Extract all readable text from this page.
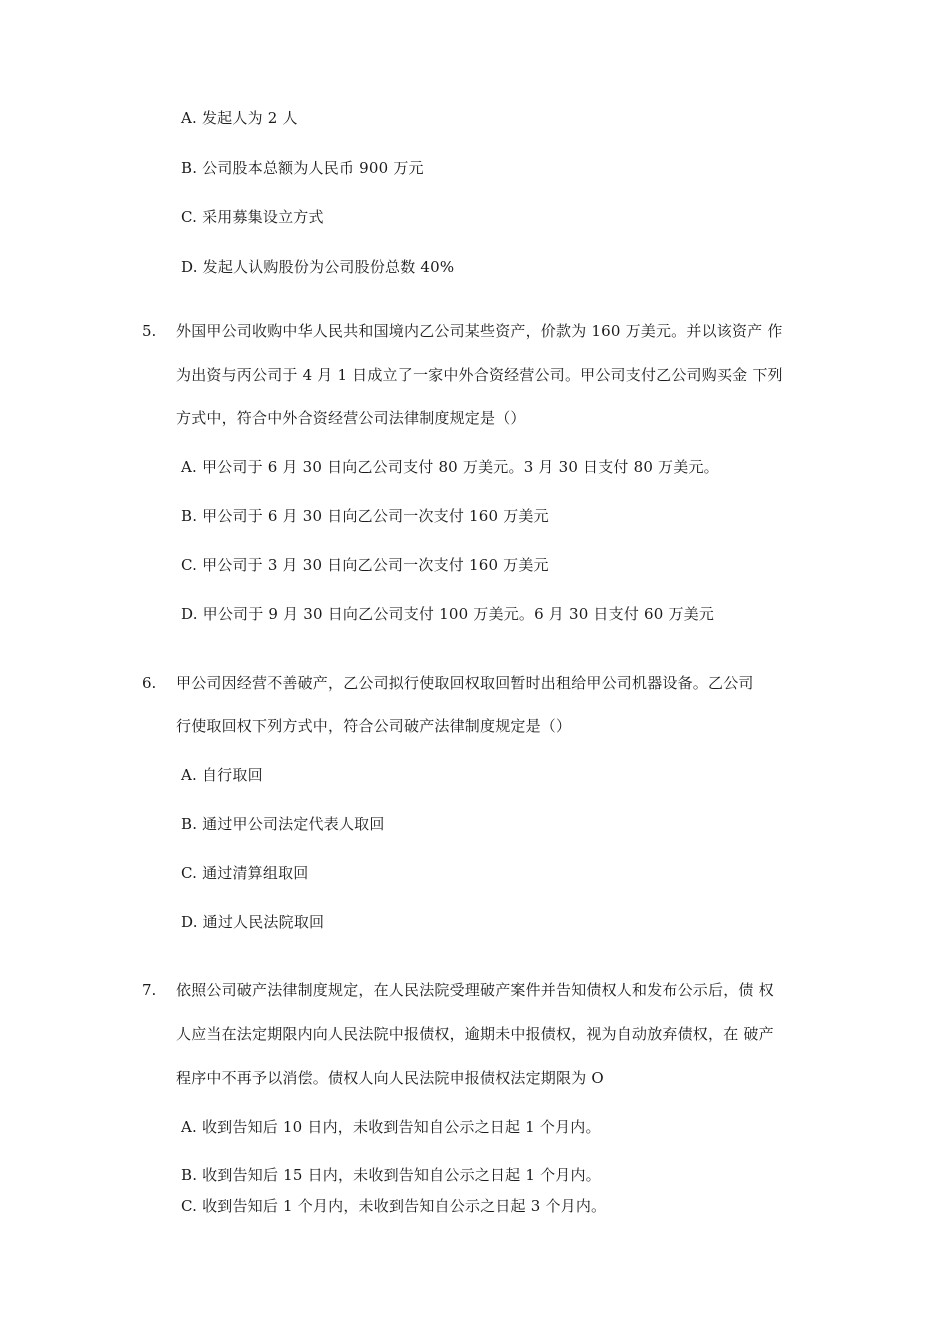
A. 发起人为 2 人
B. 公司股本总额为人民币 900 万元
C. 采用募集设立方式
D. 发起人认购股份为公司股份总数 40%
5. 外国甲公司收购中华人民共和国境内乙公司某些资产，价款为 160 万美元。并以该资产 作
为出资与丙公司于 4 月 1 日成立了一家中外合资经营公司。甲公司支付乙公司购买金 下列
方式中，符合中外合资经营公司法律制度规定是（）
A. 甲公司于 6 月 30 日向乙公司支付 80 万美元。3 月 30 日支付 80 万美元。
B. 甲公司于 6 月 30 日向乙公司一次支付 160 万美元
C. 甲公司于 3 月 30 日向乙公司一次支付 160 万美元
D. 甲公司于 9 月 30 日向乙公司支付 100 万美元。6 月 30 日支付 60 万美元
6. 甲公司因经营不善破产，乙公司拟行使取回权取回暂时出租给甲公司机器设备。乙公司
行使取回权下列方式中，符合公司破产法律制度规定是（）
A. 自行取回
B. 通过甲公司法定代表人取回
C. 通过清算组取回
D. 通过人民法院取回
7. 依照公司破产法律制度规定，在人民法院受理破产案件并告知债权人和发布公示后，债 权
人应当在法定期限内向人民法院中报债权，逾期未中报债权，视为自动放弃债权，在 破产
程序中不再予以消偿。债权人向人民法院申报债权法定期限为 O
A. 收到告知后 10 日内，未收到告知自公示之日起 1 个月内。
B. 收到告知后 15 日内，未收到告知自公示之日起 1 个月内。
C. 收到告知后 1 个月内，未收到告知自公示之日起 3 个月内。
